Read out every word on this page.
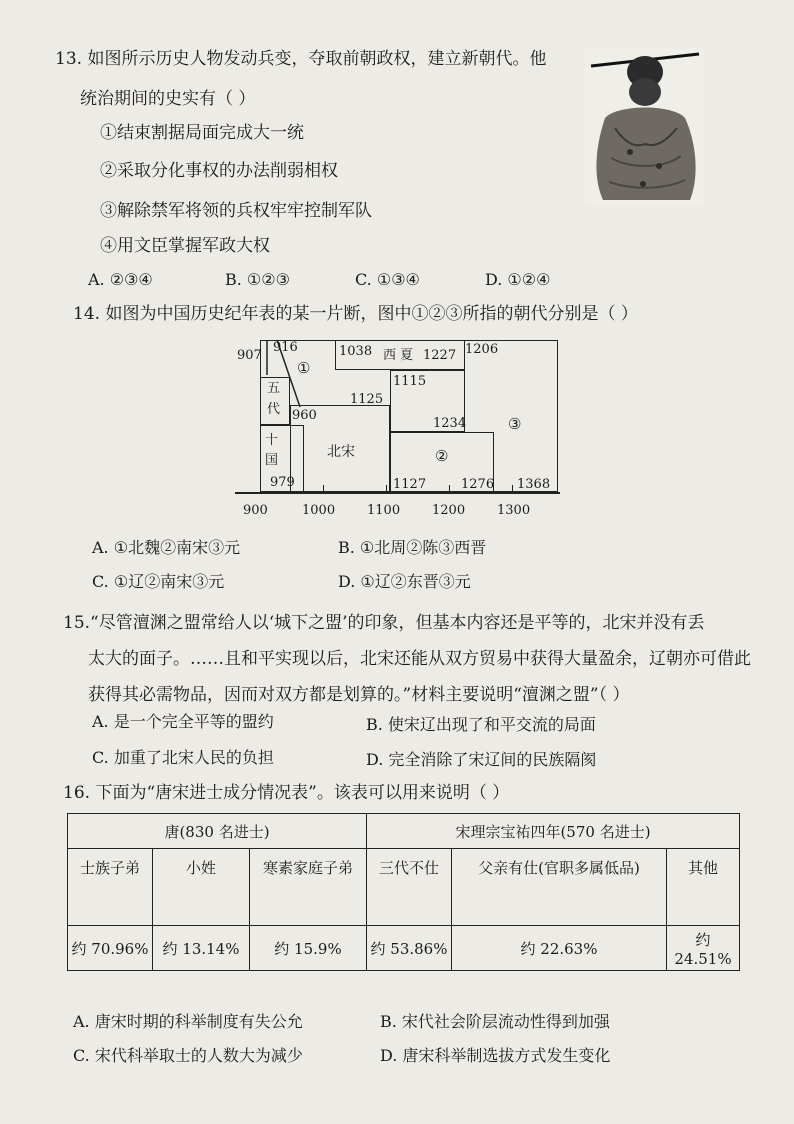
13. 如图所示历史人物发动兵变，夺取前朝政权，建立新朝代。他
统治期间的史实有（ ）
①结束割据局面完成大一统
②采取分化事权的办法削弱相权
③解除禁军将领的兵权牢牢控制军队
④用文臣掌握军政大权
A. ②③④	B. ①②③	C. ①③④	D. ①②④
14. 如图为中国历史纪年表的某一片断，图中①②③所指的朝代分别是（ ）
907
916
①
1038 西 夏 1227 1206
1115
1125
五
代 960
1234	③
十
国
北宋	②
979	1127	1276 1368
900	1000 1100 1200 1300
A. ①北魏②南宋③元	B. ①北周②陈③西晋
C. ①辽②南宋③元	D. ①辽②东晋③元
15.“尽管澶渊之盟常给人以‘城下之盟’的印象，但基本内容还是平等的，北宋并没有丢
太大的面子。……且和平实现以后，北宋还能从双方贸易中获得大量盈余，辽朝亦可借此
获得其必需物品，因而对双方都是划算的。”材料主要说明“澶渊之盟”（ ）
A. 是一个完全平等的盟约	B. 使宋辽出现了和平交流的局面
C. 加重了北宋人民的负担	D. 完全消除了宋辽间的民族隔阂
16. 下面为“唐宋进士成分情况表”。该表可以用来说明（ ）
唐(830 名进士)			宋理宗宝祐四年(570 名进士)		
士族子弟	小姓	寒素家庭子弟	三代不仕	父亲有仕(官职多属低品)	其他
约 70.96%	约 13.14%	约 15.9%	约 53.86%	约 22.63%	约 24.51%
A. 唐宋时期的科举制度有失公允	B. 宋代社会阶层流动性得到加强
C. 宋代科举取士的人数大为减少	D. 唐宋科举制选拔方式发生变化
